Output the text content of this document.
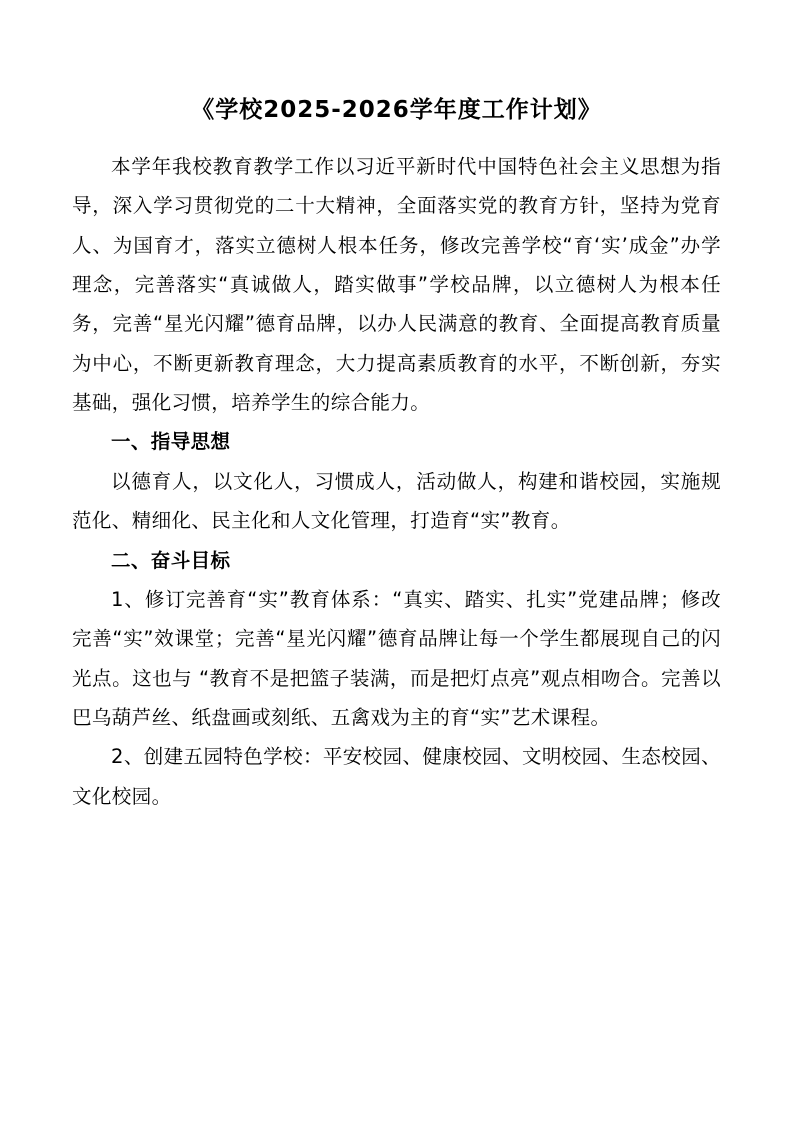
《学校2025-2026学年度工作计划》

本学年我校教育教学工作以习近平新时代中国特色社会主义思想为指导，深入学习贯彻党的二十大精神，全面落实党的教育方针，坚持为党育人、为国育才，落实立德树人根本任务，修改完善学校“育‘实’成金”办学理念，完善落实“真诚做人，踏实做事”学校品牌，以立德树人为根本任务，完善“星光闪耀”德育品牌，以办人民满意的教育、全面提高教育质量为中心，不断更新教育理念，大力提高素质教育的水平，不断创新，夯实基础，强化习惯，培养学生的综合能力。

一、指导思想

以德育人，以文化人，习惯成人，活动做人，构建和谐校园，实施规范化、精细化、民主化和人文化管理，打造育“实”教育。

二、奋斗目标

1、修订完善育“实”教育体系：“真实、踏实、扎实”党建品牌；修改完善“实”效课堂；完善“星光闪耀”德育品牌让每一个学生都展现自己的闪光点。这也与 “教育不是把篮子装满，而是把灯点亮”观点相吻合。完善以巴乌葫芦丝、纸盘画或刻纸、五禽戏为主的育“实”艺术课程。

2、创建五园特色学校：平安校园、健康校园、文明校园、生态校园、文化校园。
